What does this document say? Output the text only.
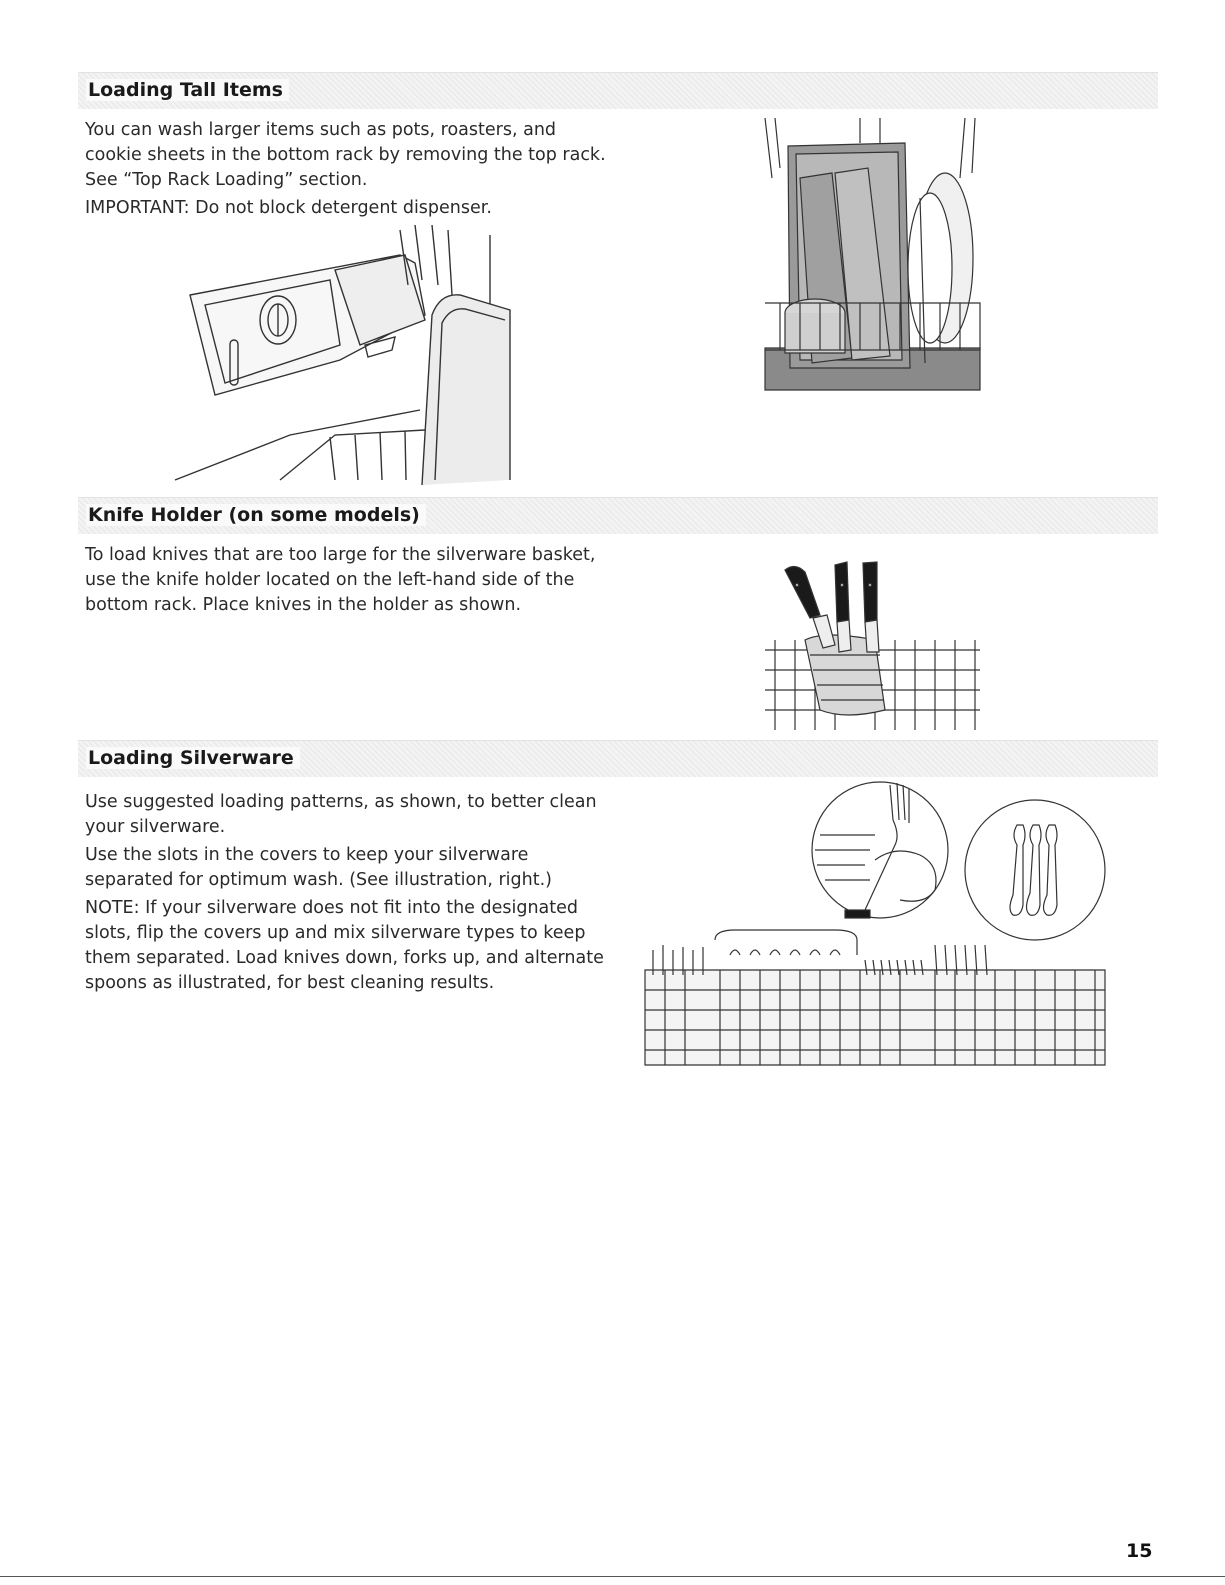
Loading Tall Items

You can wash larger items such as pots, roasters, and cookie sheets in the bottom rack by removing the top rack. See “Top Rack Loading” section.

IMPORTANT: Do not block detergent dispenser.

Knife Holder (on some models)

To load knives that are too large for the silverware basket, use the knife holder located on the left-hand side of the bottom rack. Place knives in the holder as shown.

Loading Silverware

Use suggested loading patterns, as shown, to better clean your silverware.

Use the slots in the covers to keep your silverware separated for optimum wash. (See illustration, right.)

NOTE: If your silverware does not fit into the designated slots, flip the covers up and mix silverware types to keep them separated. Load knives down, forks up, and alternate spoons as illustrated, for best cleaning results.

15
